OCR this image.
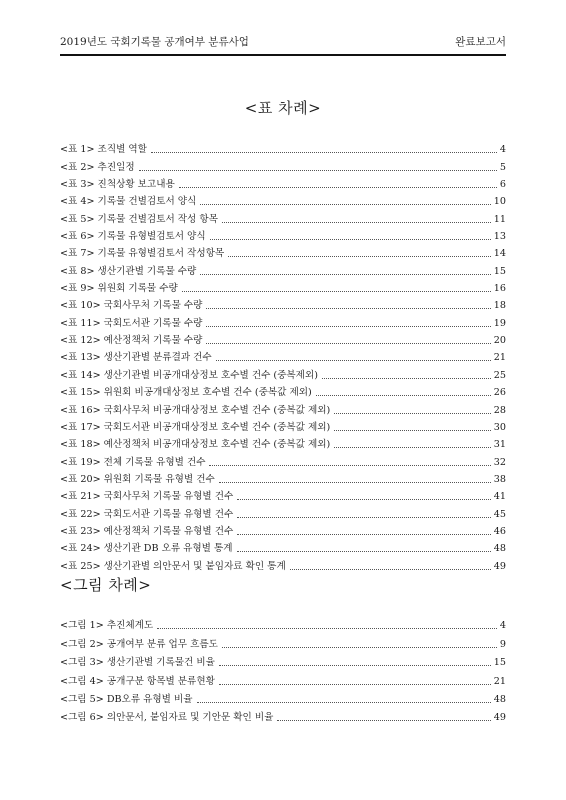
2019년도 국회기록물 공개여부 분류사업	완료보고서
<표 차례>
<표 1> 조직별 역할	4
<표 2> 추진일정	5
<표 3> 진척상황 보고내용	6
<표 4> 기록물 건별검토서 양식	10
<표 5> 기록물 건별검토서 작성 항목	11
<표 6> 기록물 유형별검토서 양식	13
<표 7> 기록물 유형별검토서 작성항목	14
<표 8> 생산기관별 기록물 수량	15
<표 9> 위원회 기록물 수량	16
<표 10> 국회사무처 기록물 수량	18
<표 11> 국회도서관 기록물 수량	19
<표 12> 예산정책처 기록물 수량	20
<표 13> 생산기관별 분류결과 건수	21
<표 14> 생산기관별 비공개대상정보 호수별 건수 (중복제외)	25
<표 15> 위원회 비공개대상정보 호수별 건수 (중복값 제외)	26
<표 16> 국회사무처 비공개대상정보 호수별 건수 (중복값 제외)	28
<표 17> 국회도서관 비공개대상정보 호수별 건수 (중복값 제외)	30
<표 18> 예산정책처 비공개대상정보 호수별 건수 (중복값 제외)	31
<표 19> 전체 기록물 유형별 건수	32
<표 20> 위원회 기록물 유형별 건수	38
<표 21> 국회사무처 기록물 유형별 건수	41
<표 22> 국회도서관 기록물 유형별 건수	45
<표 23> 예산정책처 기록물 유형별 건수	46
<표 24> 생산기관 DB 오류 유형별 통계	48
<표 25> 생산기관별 의안문서 및 붙임자료 확인 통계	49
<그림 차례>
<그림 1> 추진체계도	4
<그림 2> 공개여부 분류 업무 흐름도	9
<그림 3> 생산기관별 기록물건 비율	15
<그림 4> 공개구분 항목별 분류현황	21
<그림 5> DB오류 유형별 비율	48
<그림 6> 의안문서, 붙임자료 및 기안문 확인 비율	49
